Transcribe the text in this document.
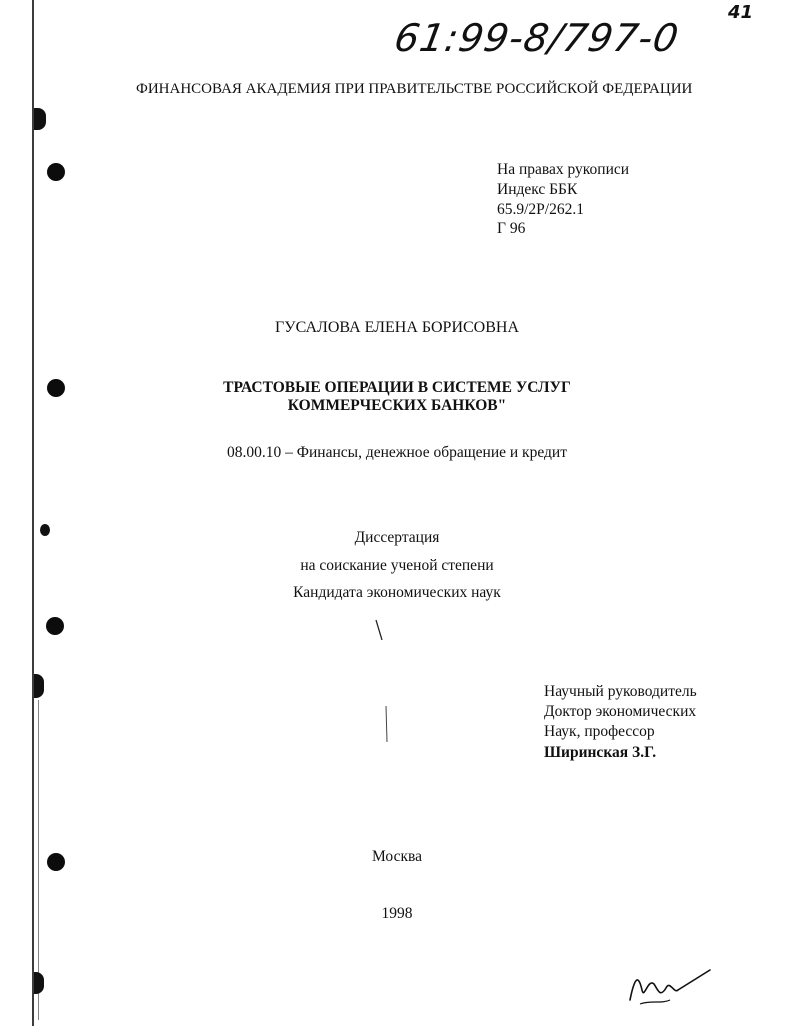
61:99-8/797-0
41
ФИНАНСОВАЯ АКАДЕМИЯ ПРИ ПРАВИТЕЛЬСТВЕ РОССИЙСКОЙ ФЕДЕРАЦИИ
На правах рукописи
Индекс ББК
65.9/2Р/262.1
Г 96
ГУСАЛОВА ЕЛЕНА БОРИСОВНА
ТРАСТОВЫЕ ОПЕРАЦИИ В СИСТЕМЕ УСЛУГ
КОММЕРЧЕСКИХ БАНКОВ"
08.00.10 – Финансы, денежное обращение и кредит
Диссертация
на соискание ученой степени
Кандидата экономических наук
Научный руководитель
Доктор экономических
Наук, профессор
Ширинская З.Г.
Москва
1998
